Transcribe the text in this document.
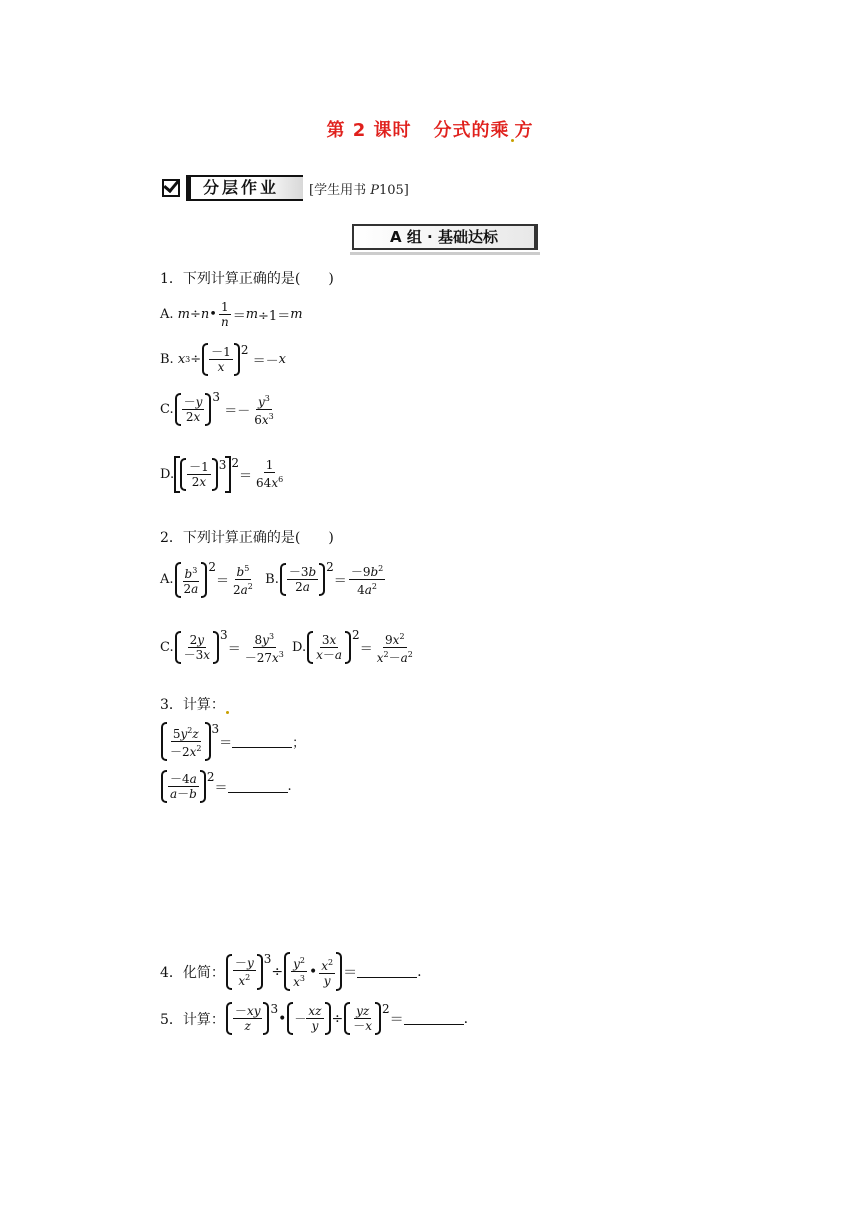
第 2 课时 分式的乘 方
分层作业	[学生用书 P105]
A 组 · 基础达标
1．下列计算正确的是(　　)
A.
m ÷ n • $\frac{1}{n} = m \div 1= m$
B.
x $3 \div \frac{-1}{x} 2$
＝－ x
C. $\frac{-y}{2x} 3$
＝－ $\frac{y^3}{6x^3}$
D. $\frac{-1}{2x} 3$ 2
＝ $\frac{1}{64x^6}$
2．下列计算正确的是(　　)
A. $\frac{b^3}{2a} 2$
＝ $\frac{b^5}{2a^2}$
B. $\frac{-3b}{2a} 2$
＝ $\frac{-9b^2}{4a^2}$
C. $\frac{2y}{-3x} 3$
＝ $\frac{8y^3}{-27x^3}$
D. $\frac{3x}{x-a} 2$
＝ $\frac{9x^2}{x^2-a^2}$
3．计算：
$\frac{5y^2z}{-2x^2} 3$
＝	；
$\frac{-4a}{a-b} 2$
＝	.
4．化简： $\frac{-y}{x^2} 3$
÷ $\frac{y^2}{x^3}$ • $\frac{x^2}{y}$ ＝	.
5．计算： $\frac{-xy}{z} 3$
• － $\frac{xz}{y} \div \frac{yz}{-x} 2$
＝	.
